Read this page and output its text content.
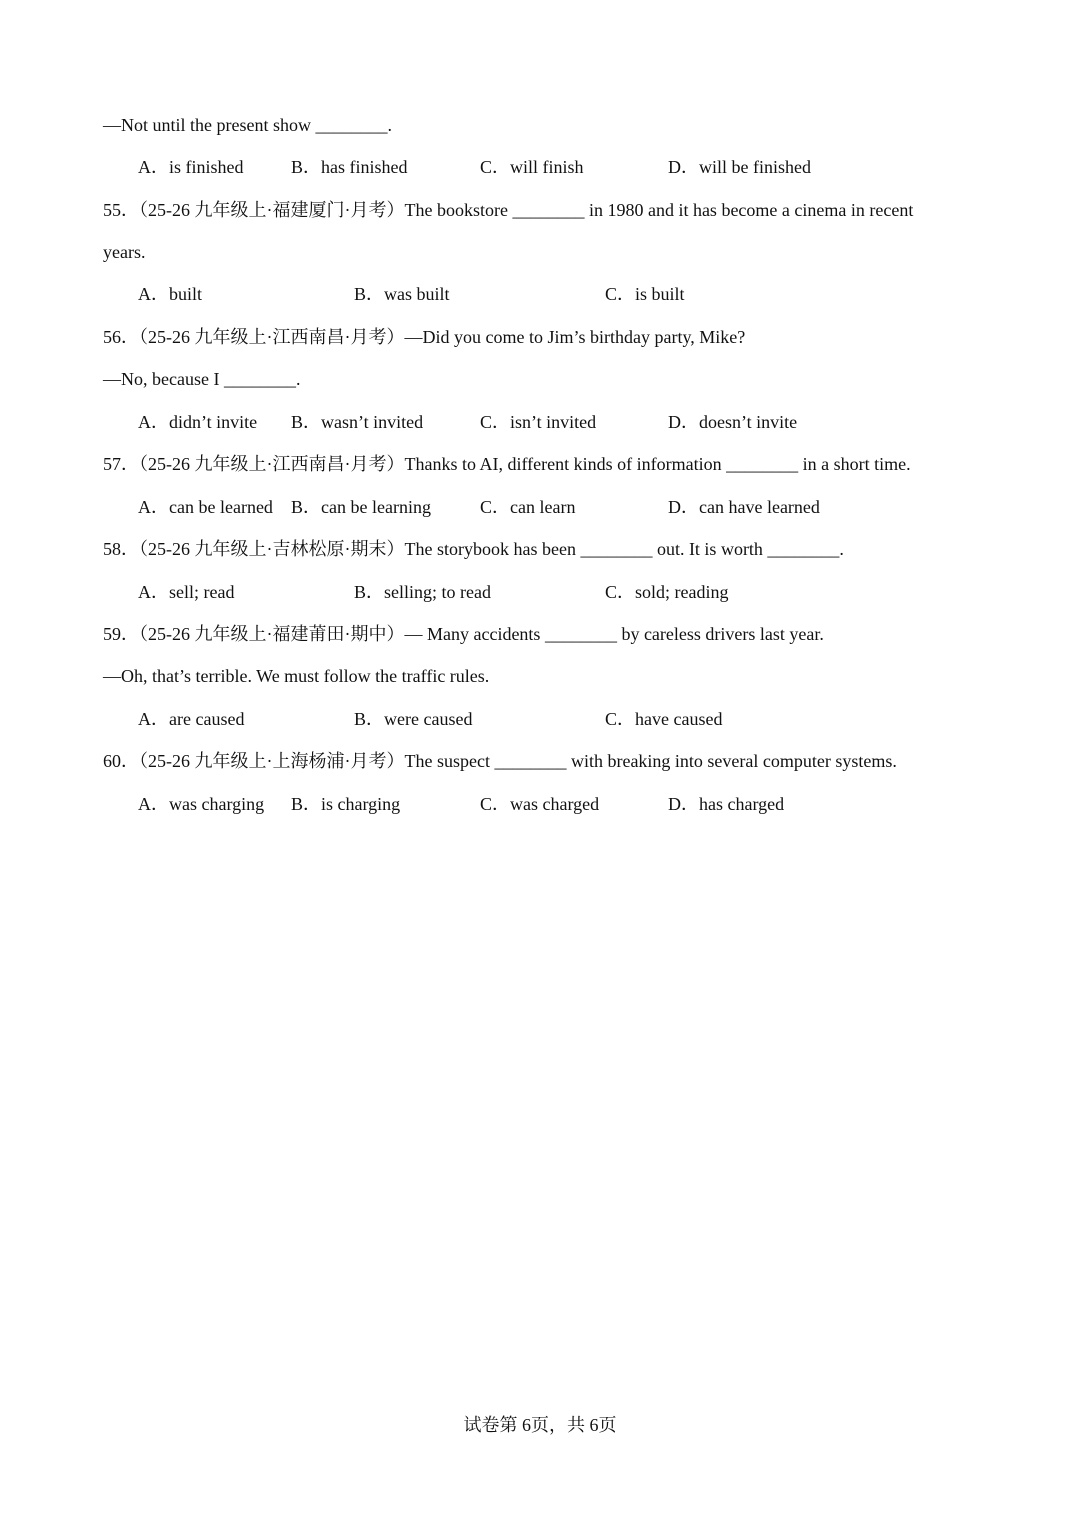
—Not until the present show ________.
A．is finished	B．has finished	C．will finish	D．will be finished
55．（25-26 九年级上·福建厦门·月考）The bookstore ________ in 1980 and it has become a cinema in recent
years.
A．built	B．was built	C．is built
56．（25-26 九年级上·江西南昌·月考）—Did you come to Jim’s birthday party, Mike?
—No, because I ________.
A．didn’t invite B．wasn’t invited	C．isn’t invited	D．doesn’t invite
57．（25-26 九年级上·江西南昌·月考）Thanks to AI, different kinds of information ________ in a short time.
A．can be learned B．can be learning	C．can learn	D．can have learned
58．（25-26 九年级上·吉林松原·期末）The storybook has been ________ out. It is worth ________.
A．sell; read	B．selling; to read	C．sold; reading
59．（25-26 九年级上·福建莆田·期中）— Many accidents ________ by careless drivers last year.
—Oh, that’s terrible. We must follow the traffic rules.
A．are caused	B．were caused	C．have caused
60．（25-26 九年级上·上海杨浦·月考）The suspect ________ with breaking into several computer systems.
A．was charging B．is charging	C．was charged	D．has charged
试卷第 6页，共 6页
